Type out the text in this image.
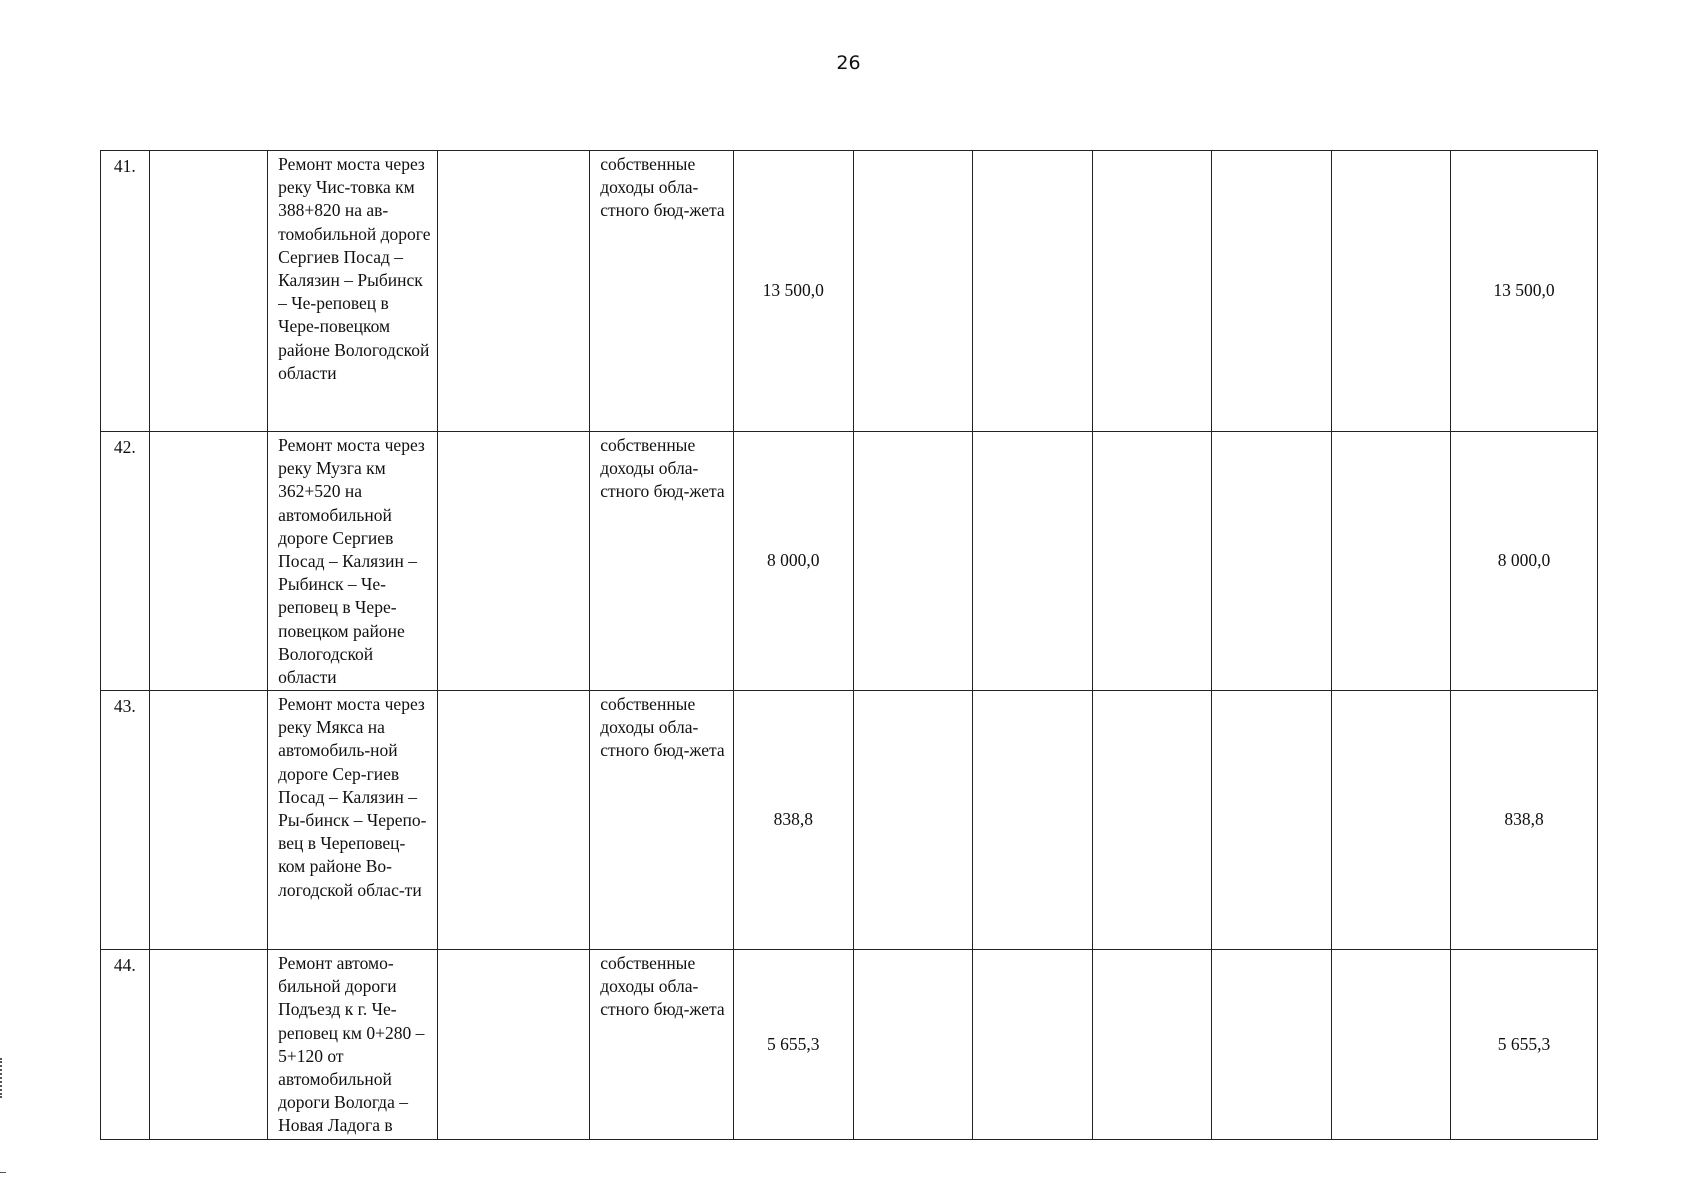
26
41.		Ремонт моста через реку Чис-товка км 388+820 на ав-томобильной дороге Сергиев Посад – Калязин – Рыбинск – Че-реповец в Чере-повецком районе Вологодской области		собственные доходы обла-стного бюд-жета	13 500,0						13 500,0
42.		Ремонт моста через реку Музга км 362+520 на автомобильной дороге Сергиев Посад – Калязин – Рыбинск – Че-реповец в Чере-повецком районе Вологодской области		собственные доходы обла-стного бюд-жета	8 000,0						8 000,0
43.		Ремонт моста через реку Мякса на автомобиль-ной дороге Сер-гиев Посад – Калязин – Ры-бинск – Черепо-вец в Череповец-ком районе Во-логодской облас-ти		собственные доходы обла-стного бюд-жета	838,8						838,8
44.		Ремонт автомо-бильной дороги Подъезд к г. Че-реповец км 0+280 – 5+120 от автомобильной дороги Вологда – Новая Ладога в		собственные доходы обла-стного бюд-жета	5 655,3						5 655,3
